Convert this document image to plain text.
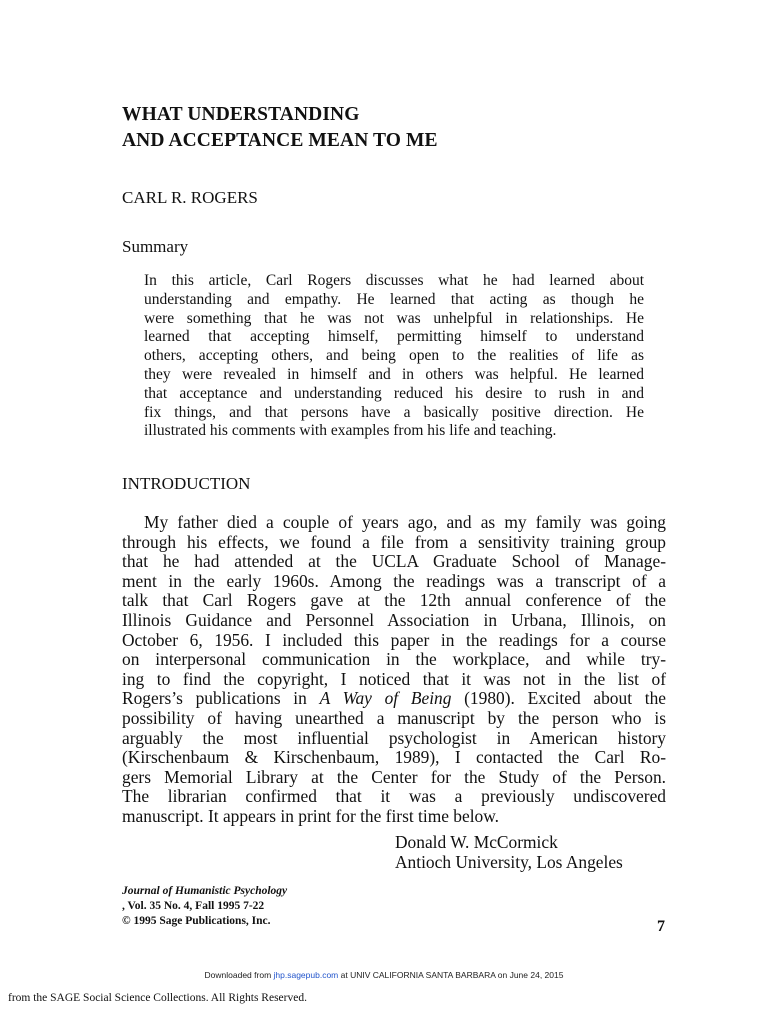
WHAT UNDERSTANDING
AND ACCEPTANCE MEAN TO ME
CARL R. ROGERS
Summary
In this article, Carl Rogers discusses what he had learned about
understanding and empathy. He learned that acting as though he
were something that he was not was unhelpful in relationships. He
learned that accepting himself, permitting himself to understand
others, accepting others, and being open to the realities of life as
they were revealed in himself and in others was helpful. He learned
that acceptance and understanding reduced his desire to rush in and
fix things, and that persons have a basically positive direction. He
illustrated his comments with examples from his life and teaching.
INTRODUCTION
My father died a couple of years ago, and as my family was going
through his effects, we found a file from a sensitivity training group
that he had attended at the UCLA Graduate School of Manage-
ment in the early 1960s. Among the readings was a transcript of a
talk that Carl Rogers gave at the 12th annual conference of the
Illinois Guidance and Personnel Association in Urbana, Illinois, on
October 6, 1956. I included this paper in the readings for a course
on interpersonal communication in the workplace, and while try-
ing to find the copyright, I noticed that it was not in the list of
Rogers’s publications in A Way of Being (1980). Excited about the
possibility of having unearthed a manuscript by the person who is
arguably the most influential psychologist in American history
(Kirschenbaum & Kirschenbaum, 1989), I contacted the Carl Ro-
gers Memorial Library at the Center for the Study of the Person.
The librarian confirmed that it was a previously undiscovered
manuscript. It appears in print for the first time below.
Donald W. McCormick
Antioch University, Los Angeles
Journal of Humanistic Psychology
, Vol. 35 No. 4, Fall 1995 7-22
© 1995 Sage Publications, Inc.	7
Downloaded from jhp.sagepub.com at UNIV CALIFORNIA SANTA BARBARA on June 24, 2015
from the SAGE Social Science Collections. All Rights Reserved.
